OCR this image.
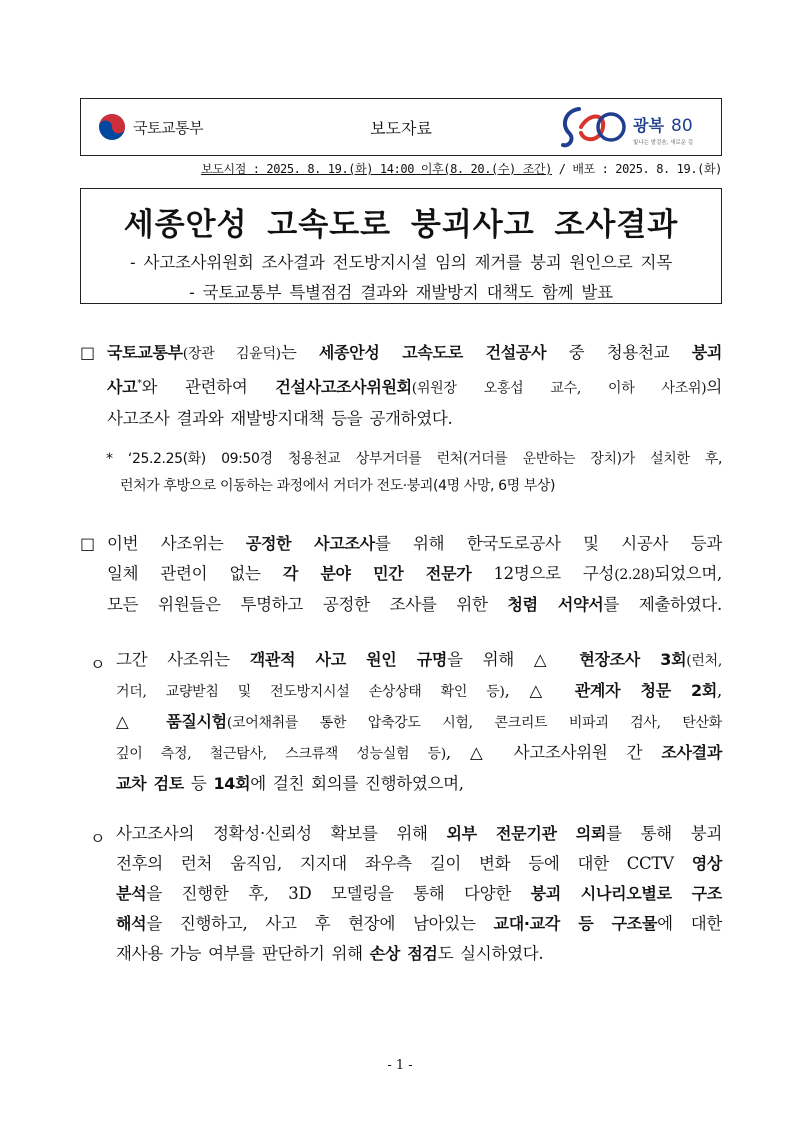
국토교통부	보도자료	광복 80
빛나는 발걸음, 새로운 길
보도시점 : 2025. 8. 19.(화) 14:00 이후(8. 20.(수) 조간) / 배포 : 2025. 8. 19.(화)
세종안성 고속도로 붕괴사고 조사결과
- 사고조사위원회 조사결과 전도방지시설 임의 제거를 붕괴 원인으로 지목
- 국토교통부 특별점검 결과와 재발방지 대책도 함께 발표
□ 국토교통부(장관 김윤덕)는 세종안성 고속도로 건설공사 중 청용천교 붕괴
사고*와 관련하여 건설사고조사위원회(위원장 오홍섭 교수, 이하 사조위)의
사고조사 결과와 재발방지대책 등을 공개하였다.
* ‘25.2.25(화) 09:50경 청용천교 상부거더를 런처(거더를 운반하는 장치)가 설치한 후,
런처가 후방으로 이동하는 과정에서 거더가 전도·붕괴(4명 사망, 6명 부상)
□ 이번 사조위는 공정한 사고조사를 위해 한국도로공사 및 시공사 등과
일체 관련이 없는 각 분야 민간 전문가 12명으로 구성(2.28)되었으며,
모든 위원들은 투명하고 공정한 조사를 위한 청렴 서약서를 제출하였다.
ㅇ 그간 사조위는 객관적 사고 원인 규명을 위해 △ 현장조사 3회(런처,
거더, 교량받침 및 전도방지시설 손상상태 확인 등), △ 관계자 청문 2회,
△ 품질시험(코어채취를 통한 압축강도 시험, 콘크리트 비파괴 검사, 탄산화
깊이 측정, 철근탐사, 스크류잭 성능실험 등), △ 사고조사위원 간 조사결과
교차 검토 등 14회에 걸친 회의를 진행하였으며,
ㅇ 사고조사의 정확성·신뢰성 확보를 위해 외부 전문기관 의뢰를 통해 붕괴
전후의 런처 움직임, 지지대 좌우측 길이 변화 등에 대한 CCTV 영상
분석을 진행한 후, 3D 모델링을 통해 다양한 붕괴 시나리오별로 구조
해석을 진행하고, 사고 후 현장에 남아있는 교대·교각 등 구조물에 대한
재사용 가능 여부를 판단하기 위해 손상 점검도 실시하였다.
- 1 -
